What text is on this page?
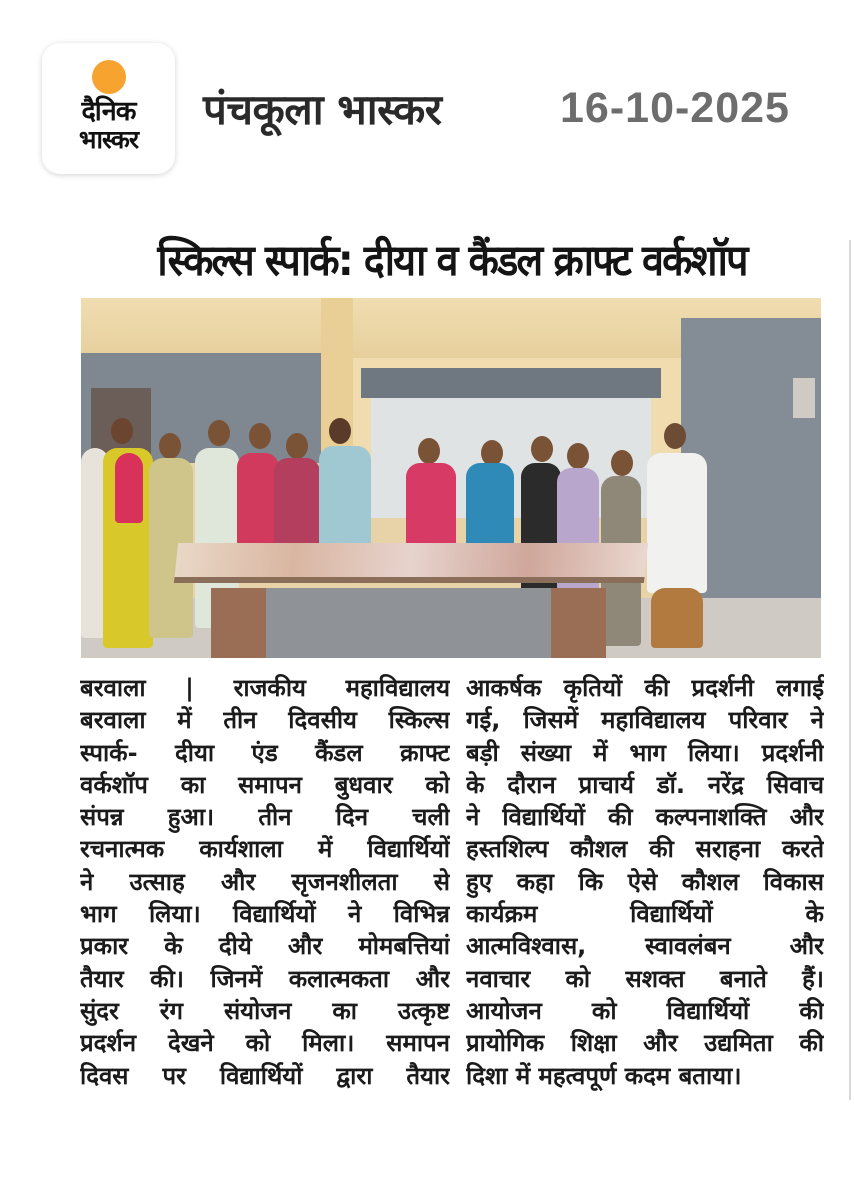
दैनिक
भास्कर
पंचकूला भास्कर	16-10-2025
स्किल्स स्पार्क: दीया व कैंडल क्राफ्ट वर्कशॉप
बरवाला | राजकीय महाविद्यालय
बरवाला में तीन दिवसीय स्किल्स
स्पार्क- दीया एंड कैंडल क्राफ्ट
वर्कशॉप का समापन बुधवार को
संपन्न हुआ। तीन दिन चली
रचनात्मक कार्यशाला में विद्यार्थियों
ने उत्साह और सृजनशीलता से
भाग लिया। विद्यार्थियों ने विभिन्न
प्रकार के दीये और मोमबत्तियां
तैयार की। जिनमें कलात्मकता और
सुंदर रंग संयोजन का उत्कृष्ट
प्रदर्शन देखने को मिला। समापन
दिवस पर विद्यार्थियों द्वारा तैयार
आकर्षक कृतियों की प्रदर्शनी लगाई
गई, जिसमें महाविद्यालय परिवार ने
बड़ी संख्या में भाग लिया। प्रदर्शनी
के दौरान प्राचार्य डॉ. नरेंद्र सिवाच
ने विद्यार्थियों की कल्पनाशक्ति और
हस्तशिल्प कौशल की सराहना करते
हुए कहा कि ऐसे कौशल विकास
कार्यक्रम विद्यार्थियों के
आत्मविश्वास, स्वावलंबन और
नवाचार को सशक्त बनाते हैं।
आयोजन को विद्यार्थियों की
प्रायोगिक शिक्षा और उद्यमिता की
दिशा में महत्वपूर्ण कदम बताया।
